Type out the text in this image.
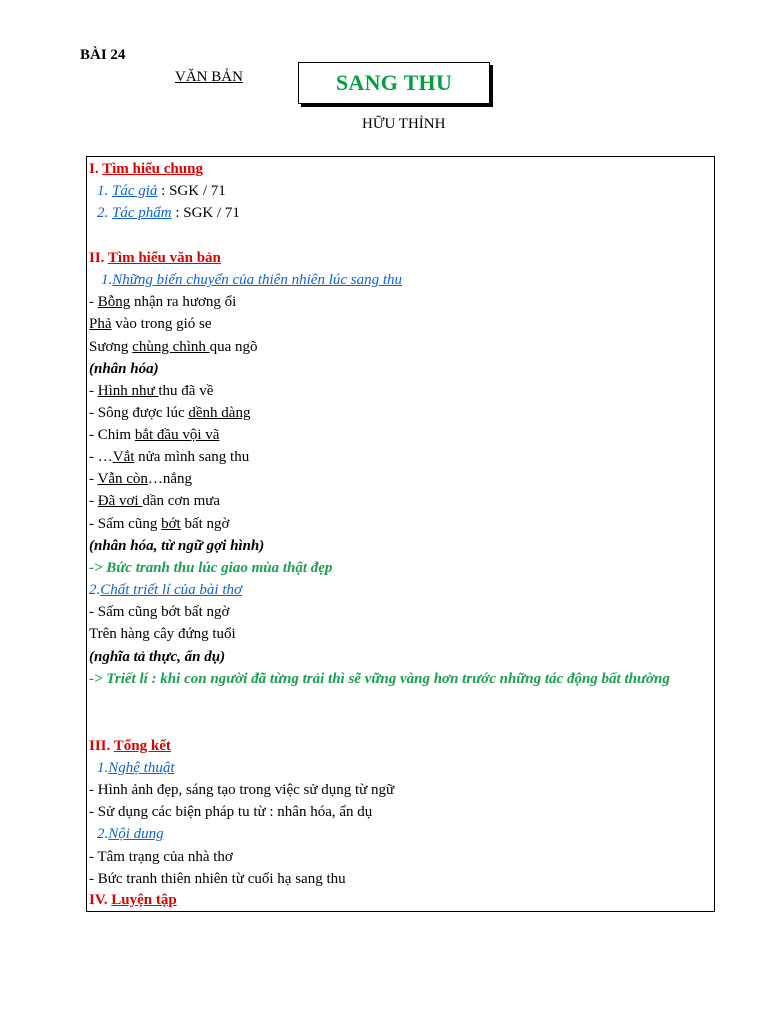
BÀI 24
VĂN BẢN	SANG THU
HỮU THỈNH
I. Tìm hiểu chung
1. Tác giả : SGK / 71
2. Tác phẩm : SGK / 71
II. Tìm hiểu văn bản
1.Những biến chuyển của thiên nhiên lúc sang thu
- Bỗng nhận ra hương ổi
Phả vào trong gió se
Sương chùng chình qua ngõ
(nhân hóa)
- Hình như thu đã về
- Sông được lúc dềnh dàng
- Chim bắt đầu vội vã
- …Vắt nửa mình sang thu
- Vẫn còn…nắng
- Đã vơi dần cơn mưa
- Sấm cũng bớt bất ngờ
(nhân hóa, từ ngữ gợi hình)
-> Bức tranh thu lúc giao mùa thật đẹp
2.Chất triết lí của bài thơ
- Sấm cũng bớt bất ngờ
Trên hàng cây đứng tuổi
(nghĩa tả thực, ẩn dụ)
-> Triết lí : khi con người đã từng trải thì sẽ vững vàng hơn trước những tác động bất thường
III. Tổng kết
1.Nghệ thuật
- Hình ảnh đẹp, sáng tạo trong việc sử dụng từ ngữ
- Sử dụng các biện pháp tu từ : nhân hóa, ẩn dụ
2.Nội dung
- Tâm trạng của nhà thơ
- Bức tranh thiên nhiên từ cuối hạ sang thu
IV. Luyện tập
